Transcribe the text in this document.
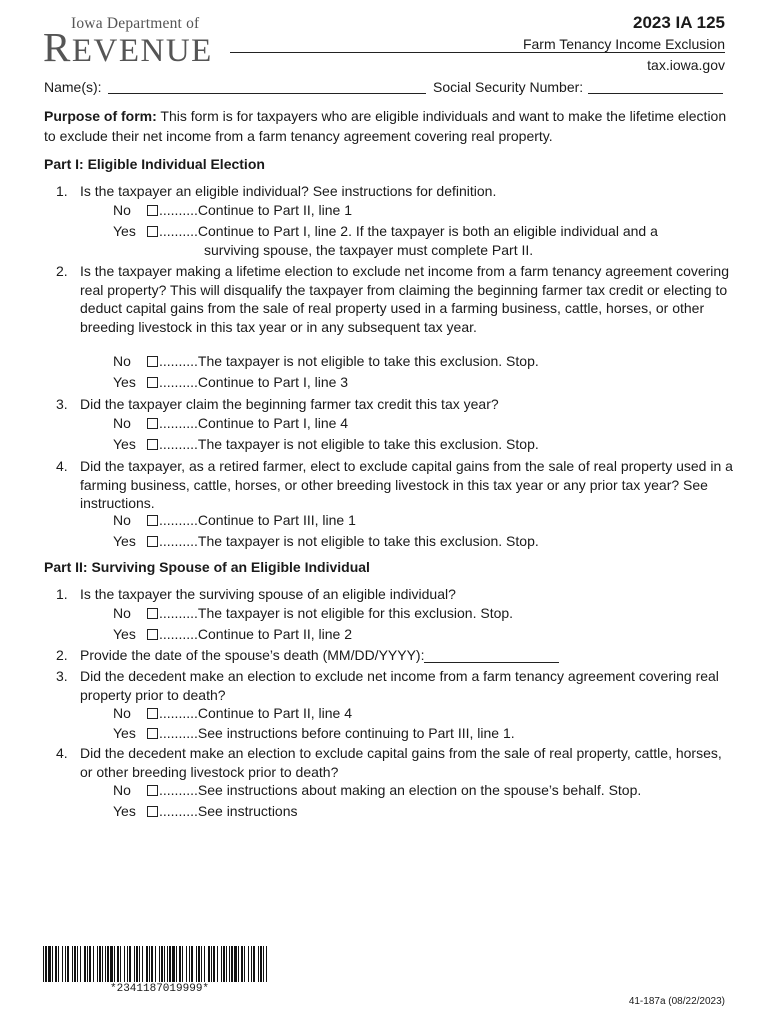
Iowa Department of
REVENUE
2023 IA 125
Farm Tenancy Income Exclusion
tax.iowa.gov
Name(s):	Social Security Number:
Purpose of form: This form is for taxpayers who are eligible individuals and want to make the lifetime election to exclude their net income from a farm tenancy agreement covering real property.
Part I: Eligible Individual Election
1. Is the taxpayer an eligible individual? See instructions for definition.
No ..........Continue to Part II, line 1
Yes ..........Continue to Part I, line 2. If the taxpayer is both an eligible individual and a
surviving spouse, the taxpayer must complete Part II.
2. Is the taxpayer making a lifetime election to exclude net income from a farm tenancy agreement covering real property? This will disqualify the taxpayer from claiming the beginning farmer tax credit or electing to deduct capital gains from the sale of real property used in a farming business, cattle, horses, or other breeding livestock in this tax year or in any subsequent tax year.
No ..........The taxpayer is not eligible to take this exclusion. Stop.
Yes ..........Continue to Part I, line 3
3. Did the taxpayer claim the beginning farmer tax credit this tax year?
No ..........Continue to Part I, line 4
Yes ..........The taxpayer is not eligible to take this exclusion. Stop.
4. Did the taxpayer, as a retired farmer, elect to exclude capital gains from the sale of real property used in a farming business, cattle, horses, or other breeding livestock in this tax year or any prior tax year? See instructions.
No ..........Continue to Part III, line 1
Yes ..........The taxpayer is not eligible to take this exclusion. Stop.
Part II: Surviving Spouse of an Eligible Individual
1. Is the taxpayer the surviving spouse of an eligible individual?
No ..........The taxpayer is not eligible for this exclusion. Stop.
Yes ..........Continue to Part II, line 2
2. Provide the date of the spouse’s death (MM/DD/YYYY):
3. Did the decedent make an election to exclude net income from a farm tenancy agreement covering real property prior to death?
No ..........Continue to Part II, line 4
Yes ..........See instructions before continuing to Part III, line 1.
4. Did the decedent make an election to exclude capital gains from the sale of real property, cattle, horses, or other breeding livestock prior to death?
No ..........See instructions about making an election on the spouse’s behalf. Stop.
Yes ..........See instructions
*2341187019999*
41-187a (08/22/2023)
